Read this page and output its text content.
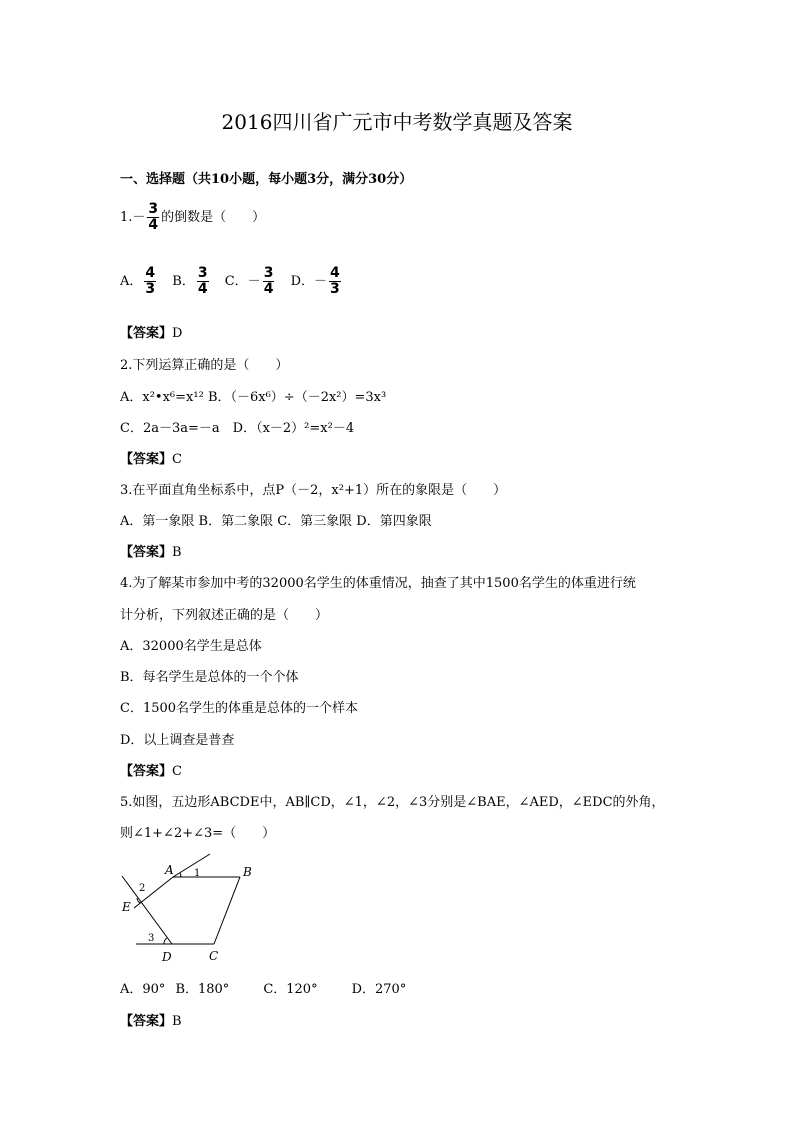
2016四川省广元市中考数学真题及答案
一、选择题（共10小题，每小题3分，满分30分）
$1.- \frac{3}{4}$ 的倒数是（　　）
A． $\frac{4}{3}$ B． $\frac{3}{4}$ C．－ $\frac{3}{4}$ D．－ $\frac{4}{3}$
【答案】D
2.下列运算正确的是（　　）
A．x²•x⁶=x¹² B．（－6x⁶）÷（－2x²）=3x³
C．2a－3a=－a　 D．（x－2）²=x²－4
【答案】C
3.在平面直角坐标系中，点P（－2，x²+1）所在的象限是（　　）
A．第一象限 B．第二象限 C．第三象限 D．第四象限
【答案】B
4.为了解某市参加中考的32000名学生的体重情况，抽查了其中1500名学生的体重进行统
计分析，下列叙述正确的是（　　）
A．32000名学生是总体
B．每名学生是总体的一个个体
C．1500名学生的体重是总体的一个样本
D．以上调查是普查
【答案】C
5.如图，五边形ABCDE中，AB∥CD，∠1，∠2，∠3分别是∠BAE，∠AED，∠EDC的外角，
则∠1+∠2+∠3=（　　）
A	B
C
D
E
1
2
3
A．90° B．180°	C．120°	D．270°
【答案】B
